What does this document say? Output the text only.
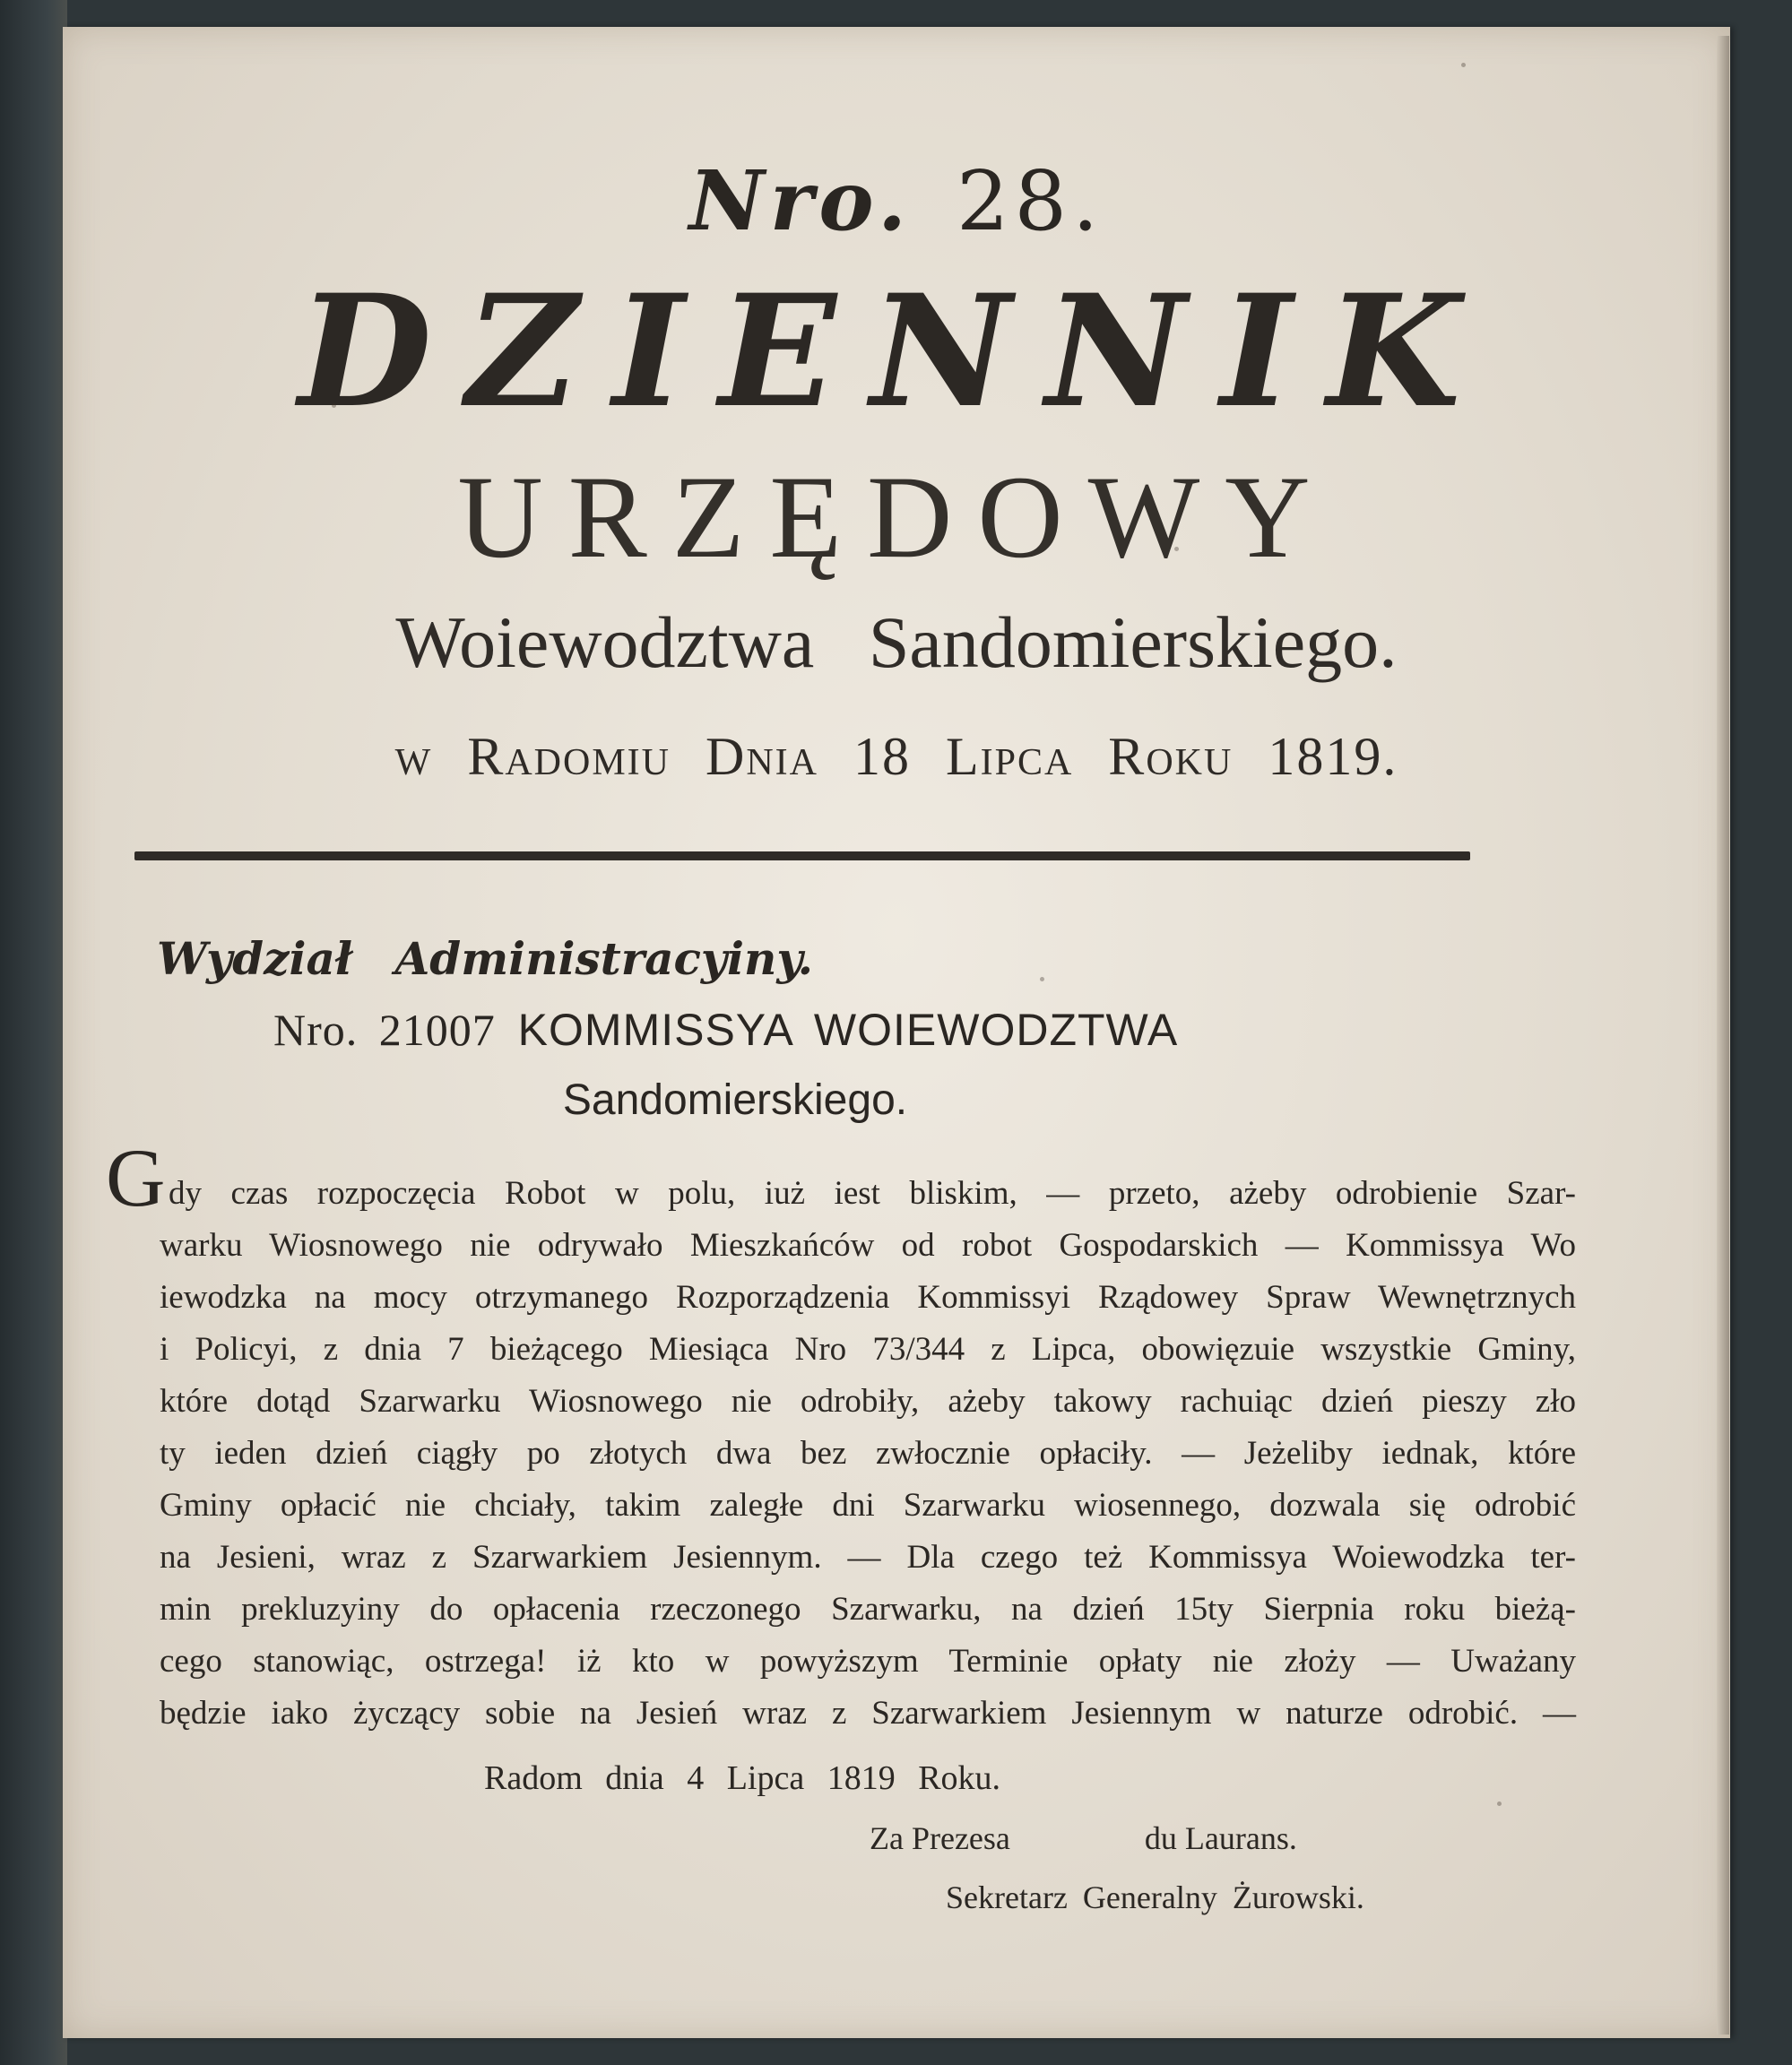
Nro. 28.
DZIENNIK
URZĘDOWY
Woiewodztwa Sandomierskiego.
w Radomiu Dnia 18 Lipca Roku 1819.
Wydział Administracyiny.
Nro. 21007 KOMMISSYA WOIEWODZTWA
Sandomierskiego.
G dy czas rozpoczęcia Robot w polu, iuż iest bliskim, — przeto, ażeby odrobienie Szar-
warku Wiosnowego nie odrywało Mieszkańców od robot Gospodarskich — Kommissya Wo
iewodzka na mocy otrzymanego Rozporządzenia Kommissyi Rządowey Spraw Wewnętrznych
i Policyi, z dnia 7 bieżącego Miesiąca Nro 73/344 z Lipca, obowięzuie wszystkie Gminy,
które dotąd Szarwarku Wiosnowego nie odrobiły, ażeby takowy rachuiąc dzień pieszy zło
ty ieden dzień ciągły po złotych dwa bez zwłocznie opłaciły. — Jeżeliby iednak, które
Gminy opłacić nie chciały, takim zaległe dni Szarwarku wiosennego, dozwala się odrobić
na Jesieni, wraz z Szarwarkiem Jesiennym. — Dla czego też Kommissya Woiewodzka ter-
min prekluzyiny do opłacenia rzeczonego Szarwarku, na dzień 15ty Sierpnia roku bieżą-
cego stanowiąc, ostrzega! iż kto w powyższym Terminie opłaty nie złoży — Uważany
będzie iako życzący sobie na Jesień wraz z Szarwarkiem Jesiennym w naturze odrobić. —
Radom dnia 4 Lipca 1819 Roku.
Za Prezesa	du Laurans.
Sekretarz Generalny Żurowski.
